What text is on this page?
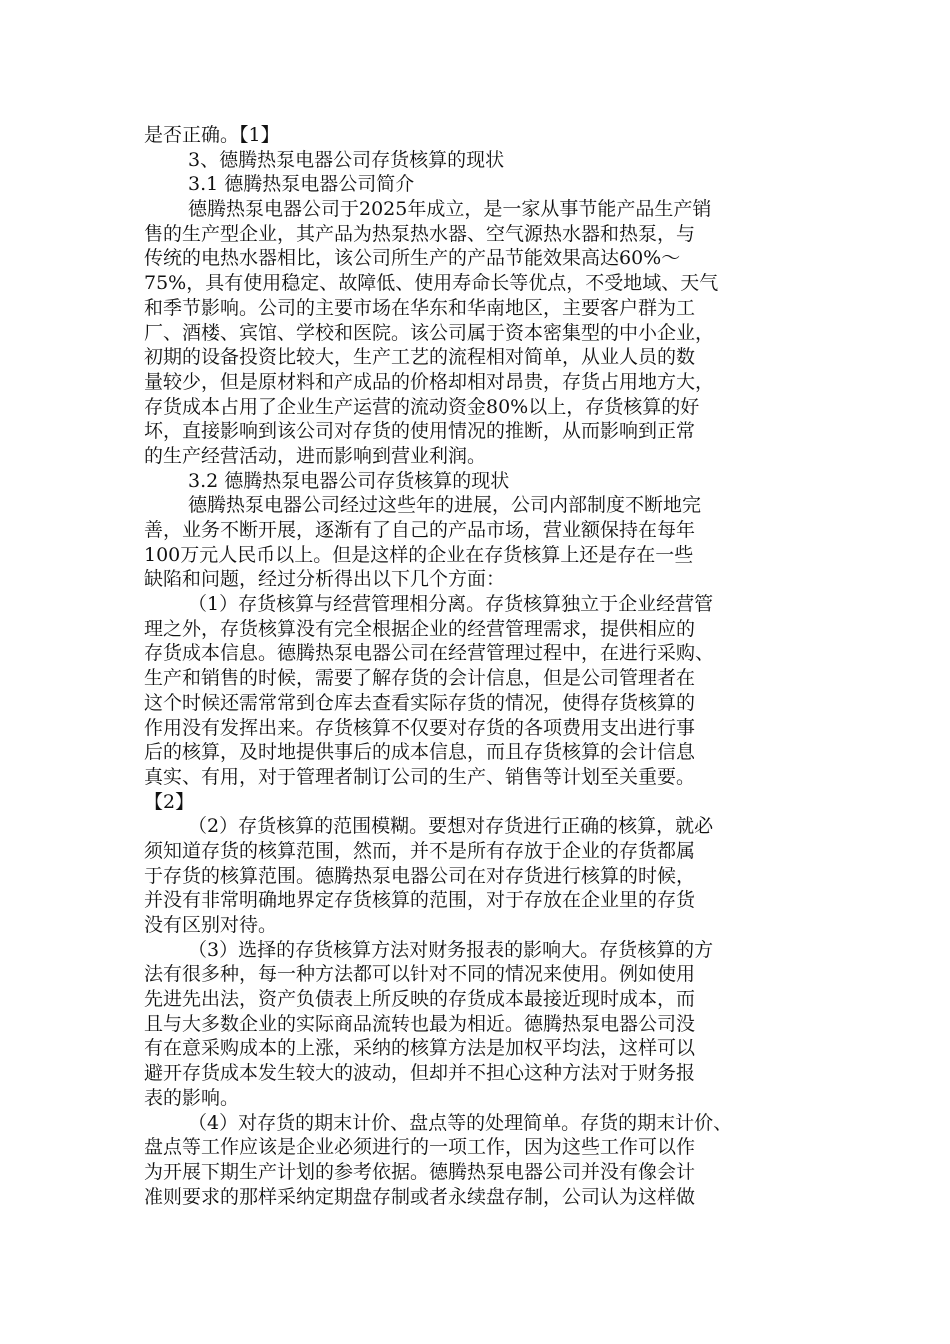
是否正确。【1】
3、德腾热泵电器公司存货核算的现状
3.1 德腾热泵电器公司简介
德腾热泵电器公司于2025年成立，是一家从事节能产品生产销
售的生产型企业，其产品为热泵热水器、空气源热水器和热泵，与
传统的电热水器相比，该公司所生产的产品节能效果高达60%～
75%，具有使用稳定、故障低、使用寿命长等优点，不受地域、天气
和季节影响。公司的主要市场在华东和华南地区，主要客户群为工
厂、酒楼、宾馆、学校和医院。该公司属于资本密集型的中小企业，
初期的设备投资比较大，生产工艺的流程相对简单，从业人员的数
量较少，但是原材料和产成品的价格却相对昂贵，存货占用地方大，
存货成本占用了企业生产运营的流动资金80%以上，存货核算的好
坏，直接影响到该公司对存货的使用情况的推断，从而影响到正常
的生产经营活动，进而影响到营业利润。
3.2 德腾热泵电器公司存货核算的现状
德腾热泵电器公司经过这些年的进展，公司内部制度不断地完
善，业务不断开展，逐渐有了自己的产品市场，营业额保持在每年
100万元人民币以上。但是这样的企业在存货核算上还是存在一些
缺陷和问题，经过分析得出以下几个方面：
（1）存货核算与经营管理相分离。存货核算独立于企业经营管
理之外，存货核算没有完全根据企业的经营管理需求，提供相应的
存货成本信息。德腾热泵电器公司在经营管理过程中，在进行采购、
生产和销售的时候，需要了解存货的会计信息，但是公司管理者在
这个时候还需常常到仓库去查看实际存货的情况，使得存货核算的
作用没有发挥出来。存货核算不仅要对存货的各项费用支出进行事
后的核算，及时地提供事后的成本信息，而且存货核算的会计信息
真实、有用，对于管理者制订公司的生产、销售等计划至关重要。
【2】
（2）存货核算的范围模糊。要想对存货进行正确的核算，就必
须知道存货的核算范围，然而，并不是所有存放于企业的存货都属
于存货的核算范围。德腾热泵电器公司在对存货进行核算的时候，
并没有非常明确地界定存货核算的范围，对于存放在企业里的存货
没有区别对待。
（3）选择的存货核算方法对财务报表的影响大。存货核算的方
法有很多种，每一种方法都可以针对不同的情况来使用。例如使用
先进先出法，资产负债表上所反映的存货成本最接近现时成本，而
且与大多数企业的实际商品流转也最为相近。德腾热泵电器公司没
有在意采购成本的上涨，采纳的核算方法是加权平均法，这样可以
避开存货成本发生较大的波动，但却并不担心这种方法对于财务报
表的影响。
（4）对存货的期末计价、盘点等的处理简单。存货的期末计价、
盘点等工作应该是企业必须进行的一项工作，因为这些工作可以作
为开展下期生产计划的参考依据。德腾热泵电器公司并没有像会计
准则要求的那样采纳定期盘存制或者永续盘存制，公司认为这样做
